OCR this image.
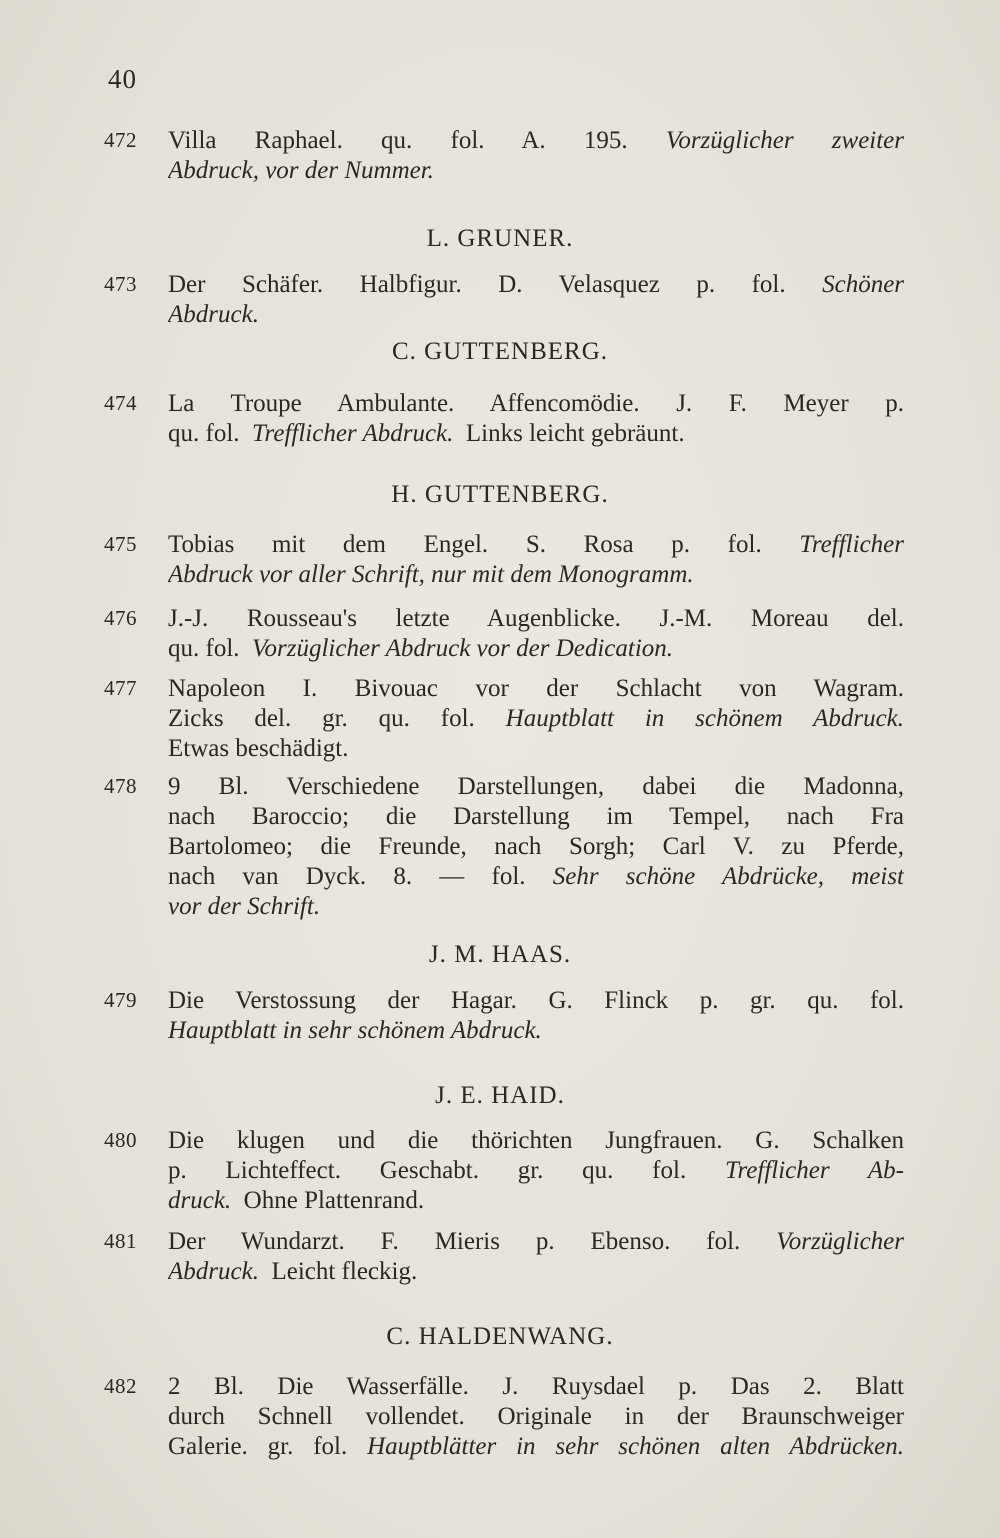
40
472 Villa Raphael. qu. fol. A. 195. Vorzüglicher zweiter
Abdruck, vor der Nummer.
L. GRUNER.
473 Der Schäfer. Halbfigur. D. Velasquez p. fol. Schöner
Abdruck.
C. GUTTENBERG.
474 La Troupe Ambulante. Affencomödie. J. F. Meyer p.
qu. fol. Trefflicher Abdruck. Links leicht gebräunt.
H. GUTTENBERG.
475 Tobias mit dem Engel. S. Rosa p. fol. Trefflicher
Abdruck vor aller Schrift, nur mit dem Monogramm.
476 J.-J. Rousseau's letzte Augenblicke. J.-M. Moreau del.
qu. fol. Vorzüglicher Abdruck vor der Dedication.
477 Napoleon I. Bivouac vor der Schlacht von Wagram.
Zicks del. gr. qu. fol. Hauptblatt in schönem Abdruck.
Etwas beschädigt.
478 9 Bl. Verschiedene Darstellungen, dabei die Madonna,
nach Baroccio; die Darstellung im Tempel, nach Fra
Bartolomeo; die Freunde, nach Sorgh; Carl V. zu Pferde,
nach van Dyck. 8. — fol. Sehr schöne Abdrücke, meist
vor der Schrift.
J. M. HAAS.
479 Die Verstossung der Hagar. G. Flinck p. gr. qu. fol.
Hauptblatt in sehr schönem Abdruck.
J. E. HAID.
480 Die klugen und die thörichten Jungfrauen. G. Schalken
p. Lichteffect. Geschabt. gr. qu. fol. Trefflicher Ab-
druck. Ohne Plattenrand.
481 Der Wundarzt. F. Mieris p. Ebenso. fol. Vorzüglicher
Abdruck. Leicht fleckig.
C. HALDENWANG.
482 2 Bl. Die Wasserfälle. J. Ruysdael p. Das 2. Blatt
durch Schnell vollendet. Originale in der Braunschweiger
Galerie. gr. fol. Hauptblätter in sehr schönen alten Abdrücken.
